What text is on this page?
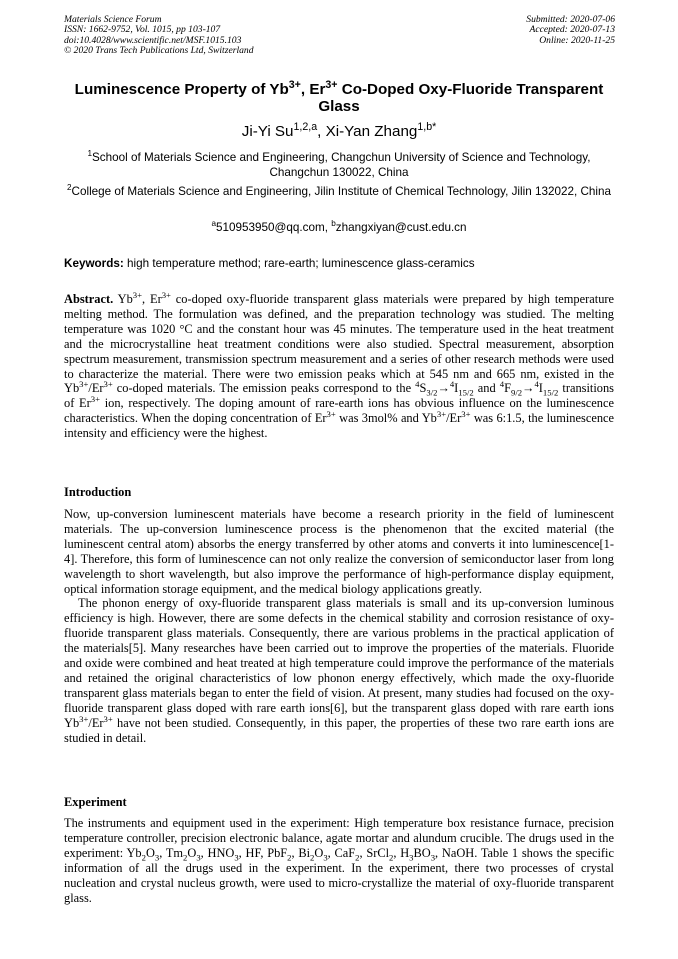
Materials Science Forum
ISSN: 1662-9752, Vol. 1015, pp 103-107
doi:10.4028/www.scientific.net/MSF.1015.103
© 2020 Trans Tech Publications Ltd, Switzerland
Submitted: 2020-07-06
Accepted: 2020-07-13
Online: 2020-11-25
Luminescence Property of $Yb^{3+}$, $Er^{3+}$ Co-Doped Oxy-Fluoride Transparent Glass
Ji-Yi Su$^{1,2,a}$, Xi-Yan Zhang$^{1,b*}$
$^1$School of Materials Science and Engineering, Changchun University of Science and Technology, Changchun 130022, China
$^2$College of Materials Science and Engineering, Jilin Institute of Chemical Technology, Jilin 132022, China
$^a$510953950@qq.com, $^b$zhangxiyan@cust.edu.cn
Keywords: high temperature method; rare-earth; luminescence glass-ceramics

Abstract. $Yb^{3+}$, $Er^{3+}$ co-doped oxy-fluoride transparent glass materials were prepared by high temperature melting method. The formulation was defined, and the preparation technology was studied. The melting temperature was 1020 °C and the constant hour was 45 minutes. The temperature used in the heat treatment and the microcrystalline heat treatment conditions were also studied. Spectral measurement, absorption spectrum measurement, transmission spectrum measurement and a series of other research methods were used to characterize the material. There were two emission peaks which at 545 nm and 665 nm, existed in the $Yb^{3+}/Er^{3+}$ co-doped materials. The emission peaks correspond to the $^4S_{3/2}\to^4I_{15/2}$ and $^4F_{9/2}\to^4I_{15/2}$ transitions of $Er^{3+}$ ion, respectively. The doping amount of rare-earth ions has obvious influence on the luminescence characteristics. When the doping concentration of $Er^{3+}$ was 3mol% and $Yb^{3+}/Er^{3+}$ was 6:1.5, the luminescence intensity and efficiency were the highest.

Introduction

Now, up-conversion luminescent materials have become a research priority in the field of luminescent materials. The up-conversion luminescence process is the phenomenon that the excited material (the luminescent central atom) absorbs the energy transferred by other atoms and converts it into luminescence[1-4]. Therefore, this form of luminescence can not only realize the conversion of semiconductor laser from long wavelength to short wavelength, but also improve the performance of high-performance display equipment, optical information storage equipment, and the medical biology applications greatly.

The phonon energy of oxy-fluoride transparent glass materials is small and its up-conversion luminous efficiency is high. However, there are some defects in the chemical stability and corrosion resistance of oxy-fluoride transparent glass materials. Consequently, there are various problems in the practical application of the materials[5]. Many researches have been carried out to improve the properties of the materials. Fluoride and oxide were combined and heat treated at high temperature could improve the performance of the materials and retained the original characteristics of low phonon energy effectively, which made the oxy-fluoride transparent glass materials began to enter the field of vision. At present, many studies had focused on the oxy-fluoride transparent glass doped with rare earth ions[6], but the transparent glass doped with rare earth ions $Yb^{3+}/Er^{3+}$ have not been studied. Consequently, in this paper, the properties of these two rare earth ions are studied in detail.

Experiment

The instruments and equipment used in the experiment: High temperature box resistance furnace, precision temperature controller, precision electronic balance, agate mortar and alundum crucible. The drugs used in the experiment: $Yb_2O_3$, $Tm_2O_3$, $HNO_3$, HF, PbF$_2$, $Bi_2O_3$, CaF$_2$, SrCl$_2$, $H_3BO_3$, NaOH. Table 1 shows the specific information of all the drugs used in the experiment. In the experiment, there two processes of crystal nucleation and crystal nucleus growth, were used to micro-crystallize the material of oxy-fluoride transparent glass.
